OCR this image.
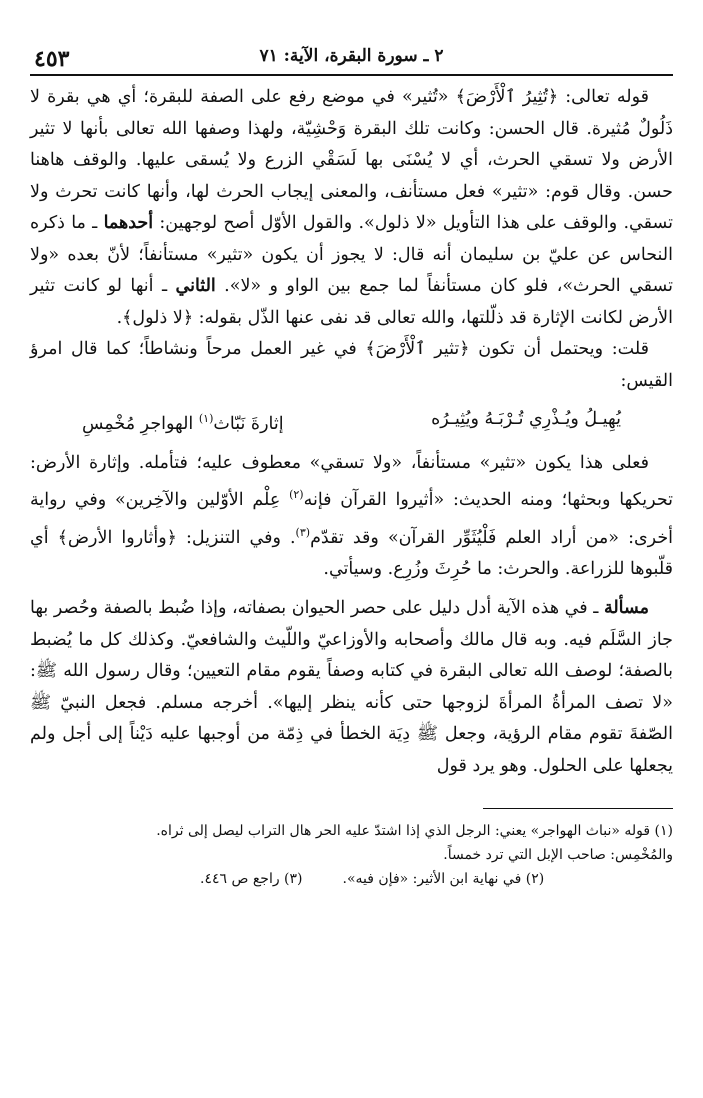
٤٥٣	٢ ـ سورة البقرة، الآية: ٧١

قوله تعالى: ﴿تُثِيرُ ٱلْأَرْضَ﴾ «تُثير» في موضع رفع على الصفة للبقرة؛ أي هي بقرة لا ذَلُولٌ مُثيرة. قال الحسن: وكانت تلك البقرة وَحْشِيّة، ولهذا وصفها الله تعالى بأنها لا تثير الأرض ولا تسقي الحرث، أي لا يُسْنَى بها لَسَقْي الزرع ولا يُسقى عليها. والوقف هاهنا حسن. وقال قوم: «تثير» فعل مستأنف، والمعنى إيجاب الحرث لها، وأنها كانت تحرث ولا تسقي. والوقف على هذا التأويل «لا ذلول». والقول الأوّل أصح لوجهين: أحدهما ـ ما ذكره النحاس عن عليّ بن سليمان أنه قال: لا يجوز أن يكون «تثير» مستأنفاً؛ لأنّ بعده «ولا تسقي الحرث»، فلو كان مستأنفاً لما جمع بين الواو و «لا». الثاني ـ أنها لو كانت تثير الأرض لكانت الإثارة قد ذلّلتها، والله تعالى قد نفى عنها الذّل بقوله: ﴿لا ذلول﴾.

قلت: ويحتمل أن تكون ﴿تثير ٱلْأَرْضَ﴾ في غير العمل مرحاً ونشاطاً؛ كما قال امرؤ القيس:

يُهِيـلُ ويُـذْرِي تُـرْبَـهُ ويُثِيـرُه
إثارةَ نَبّاث$^{(١)}$ الهواجرِ مُخْمِسِ

فعلى هذا يكون «تثير» مستأنفاً، «ولا تسقي» معطوف عليه؛ فتأمله. وإثارة الأرض: تحريكها وبحثها؛ ومنه الحديث: «أثيروا القرآن فإنه$^{(٢)}$ عِلْم الأوّلين والآخِرين» وفي رواية أخرى: «من أراد العلم فَلْيُثَوِّر القرآن» وقد تقدّم$^{(٣)}$. وفي التنزيل: ﴿وأثاروا الأرض﴾ أي قلّبوها للزراعة. والحرث: ما حُرِثَ وزُرِع. وسيأتي.

مسألة ـ في هذه الآية أدل دليل على حصر الحيوان بصفاته، وإذا ضُبط بالصفة وحُصر بها جاز السَّلَم فيه. وبه قال مالك وأصحابه والأوزاعيّ واللّيث والشافعيّ. وكذلك كل ما يُضبط بالصفة؛ لوصف الله تعالى البقرة في كتابه وصفاً يقوم مقام التعيين؛ وقال رسول الله ﷺ: «لا تصف المرأةُ المرأةَ لزوجها حتى كأنه ينظر إليها». أخرجه مسلم. فجعل النبيّ ﷺ الصّفةَ تقوم مقام الرؤية، وجعل ﷺ دِيَة الخطأ في ذِمّة من أوجبها عليه دَيْناً إلى أجل ولم يجعلها على الحلول. وهو يرد قول

(١) قوله «نباث الهواجر» يعني: الرجل الذي إذا اشتدّ عليه الحر هال التراب ليصل إلى ثراه.

والمُخْمِس: صاحب الإبل التي ترد خمساً.

(٢) في نهاية ابن الأثير: «فإن فيه».
(٣) راجع ص ٤٤٦.
